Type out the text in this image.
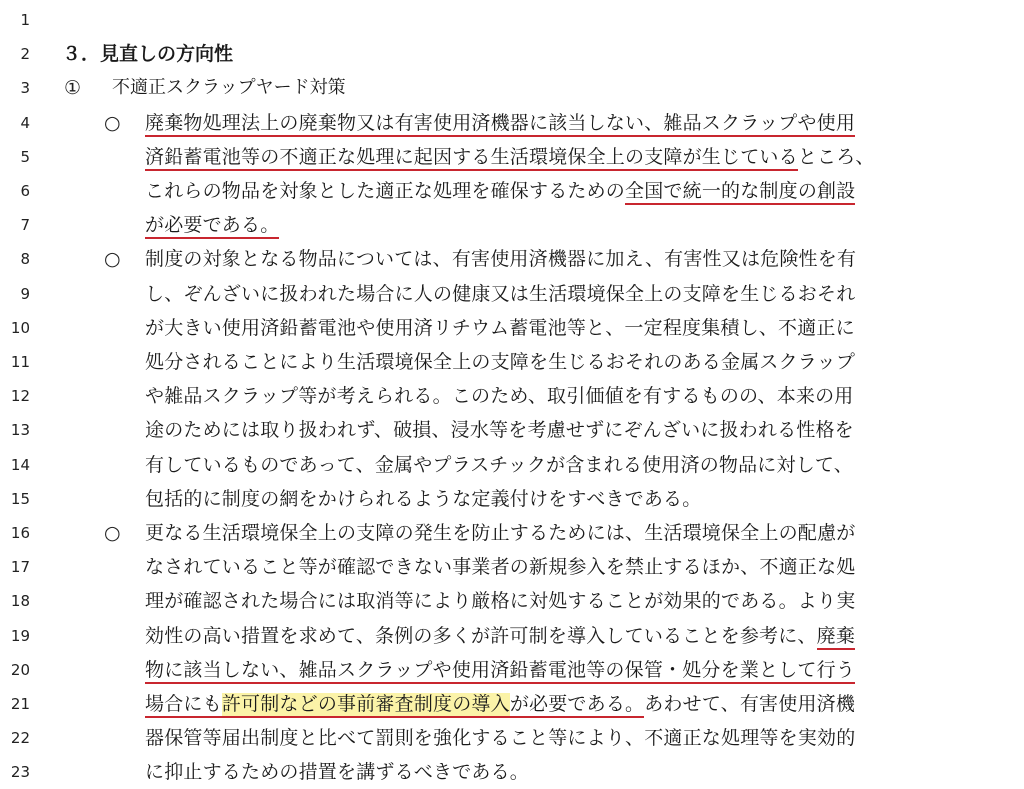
1
2 ３．見直しの方向性
3 ① 不適正スクラップヤード対策
4	○ 廃棄物処理法上の廃棄物又は有害使用済機器に該当しない、雑品スクラップや使用
5	済鉛蓄電池等の不適正な処理に起因する生活環境保全上の支障が生じているところ、
6	これらの物品を対象とした適正な処理を確保するための全国で統一的な制度の創設
7	が必要である。
8	○ 制度の対象となる物品については、有害使用済機器に加え、有害性又は危険性を有
9	し、ぞんざいに扱われた場合に人の健康又は生活環境保全上の支障を生じるおそれ
10	が大きい使用済鉛蓄電池や使用済リチウム蓄電池等と、一定程度集積し、不適正に
11	処分されることにより生活環境保全上の支障を生じるおそれのある金属スクラップ
12	や雑品スクラップ等が考えられる。このため、取引価値を有するものの、本来の用
13	途のためには取り扱われず、破損、浸水等を考慮せずにぞんざいに扱われる性格を
14	有しているものであって、金属やプラスチックが含まれる使用済の物品に対して、
15	包括的に制度の網をかけられるような定義付けをすべきである。
16	○ 更なる生活環境保全上の支障の発生を防止するためには、生活環境保全上の配慮が
17	なされていること等が確認できない事業者の新規参入を禁止するほか、不適正な処
18	理が確認された場合には取消等により厳格に対処することが効果的である。より実
19	効性の高い措置を求めて、条例の多くが許可制を導入していることを参考に、廃棄
20	物に該当しない、雑品スクラップや使用済鉛蓄電池等の保管・処分を業として行う
21	場合にも許可制などの事前審査制度の導入が必要である。あわせて、有害使用済機
22	器保管等届出制度と比べて罰則を強化すること等により、不適正な処理等を実効的
23	に抑止するための措置を講ずるべきである。
